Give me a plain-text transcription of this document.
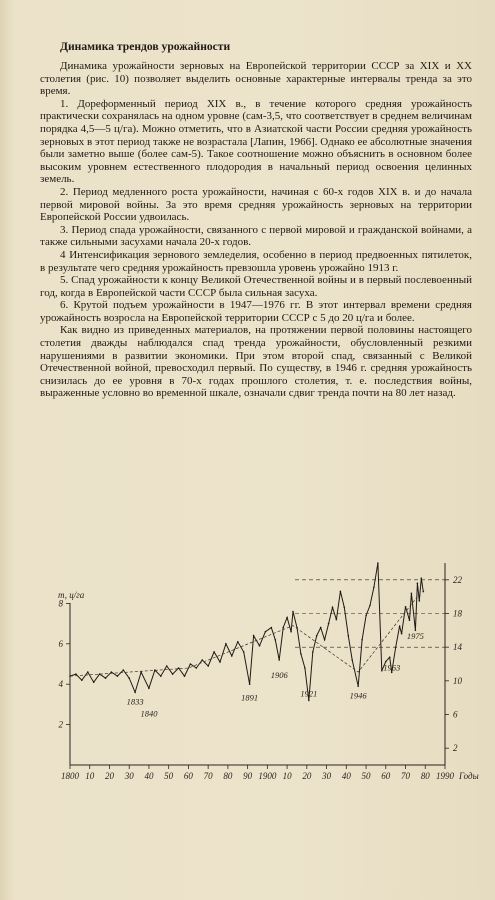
Динамика трендов урожайности

Динамика урожайности зерновых на Европейской территории СССР за XIX и XX столетия (рис. 10) позволяет выделить основные характерные интервалы тренда за это время.

1. Дореформенный период XIX в., в течение которого средняя урожайность практически сохранялась на одном уровне (сам-3,5, что соответствует в среднем величинам порядка 4,5—5 ц/га). Можно отметить, что в Азиатской части России средняя урожайность зерновых в этот период также не возрастала [Лапин, 1966]. Однако ее абсолютные значения были заметно выше (более сам-5). Такое соотношение можно объяснить в основном более высоким уровнем естественного плодородия в начальный период освоения целинных земель.

2. Период медленного роста урожайности, начиная с 60-х годов XIX в. и до начала первой мировой войны. За это время средняя урожайность зерновых на территории Европейской России удвоилась.

3. Период спада урожайности, связанного с первой мировой и гражданской войнами, а также сильными засухами начала 20-х годов.

4 Интенсификация зернового земледелия, особенно в период предвоенных пятилеток, в результате чего средняя урожайность превзошла уровень урожайно 1913 г.

5. Спад урожайности к концу Великой Отечественной войны и в первый послевоенный год, когда в Европейской части СССР была сильная засуха.

6. Крутой подъем урожайности в 1947—1976 гг. В этот интервал времени средняя урожайность возросла на Европейской территории СССР с 5 до 20 ц/га и более.

Как видно из приведенных материалов, на протяжении первой половины настоящего столетия дважды наблюдался спад тренда урожайности, обусловленный резкими нарушениями в развитии экономики. При этом второй спад, связанный с Великой Отечественной войной, превосходил первый. По существу, в 1946 г. средняя урожайность снизилась до ее уровня в 70-х годах прошлого столетия, т. е. последствия войны, выраженные условно во временной шкале, означали сдвиг тренда почти на 80 лет назад.

1800 10 20 30 40 50 60 70 80 90 1900 10 20 30 40 50 60 70 80 1990 Годы
2
4
6
8
т, ц/га
2
6
10
14
18
22
1833
1840
1891
1906
1921	1946
1963
1975
